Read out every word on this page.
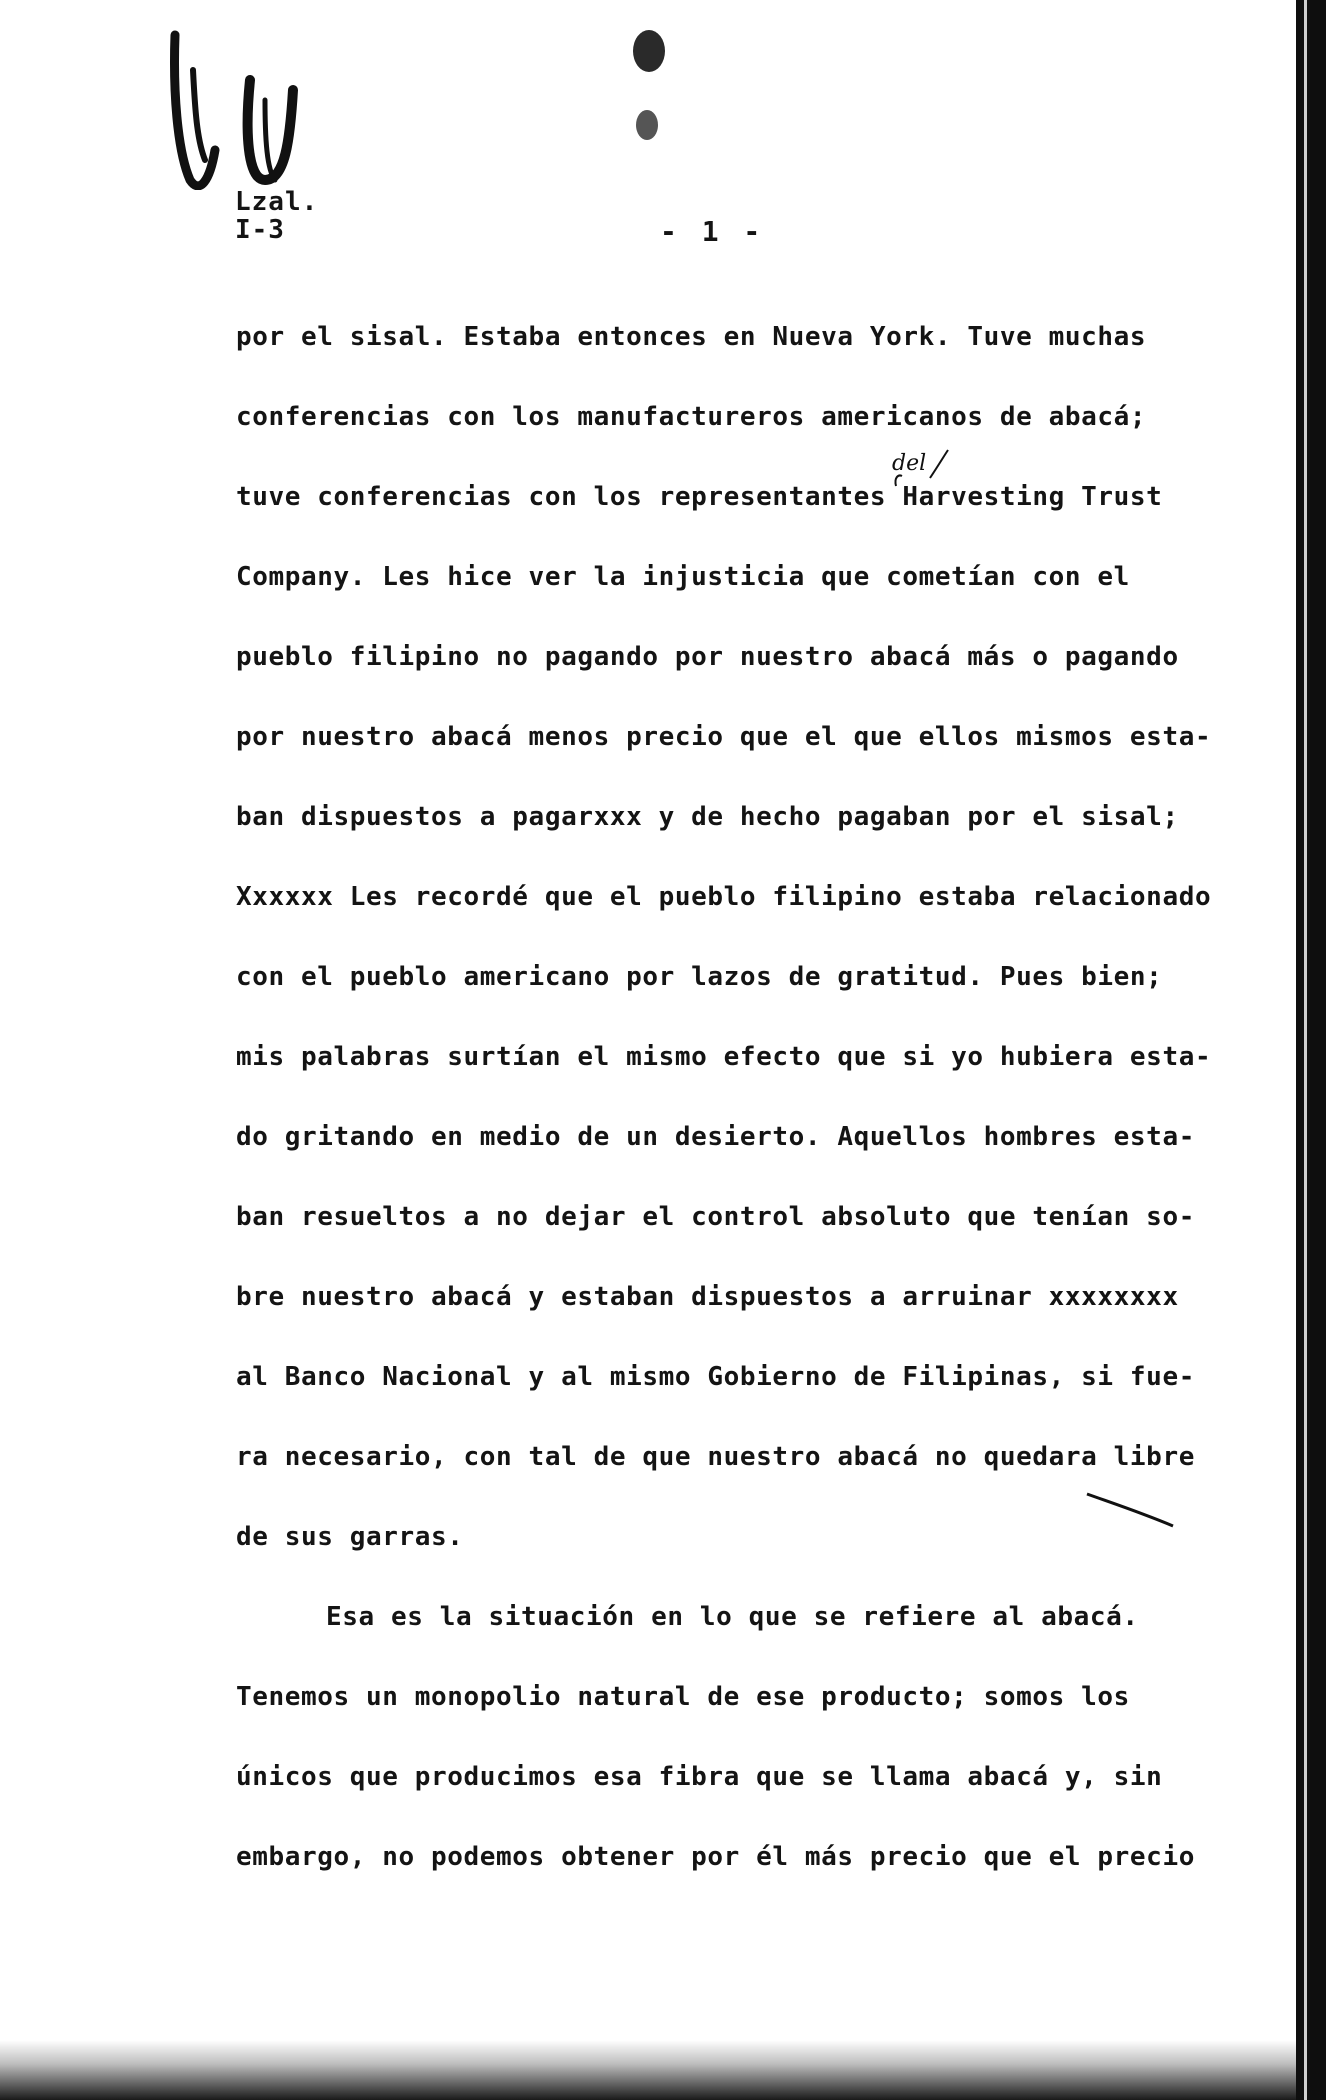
Lzal.
I-3	- 1 -
del
por el sisal. Estaba entonces en Nueva York. Tuve muchas
conferencias con los manufactureros americanos de abacá;
tuve conferencias con los representantes Harvesting Trust
Company. Les hice ver la injusticia que cometían con el
pueblo filipino no pagando por nuestro abacá más o pagando
por nuestro abacá menos precio que el que ellos mismos esta-
ban dispuestos a pagarxxx y de hecho pagaban por el sisal;
Xxxxxx Les recordé que el pueblo filipino estaba relacionado
con el pueblo americano por lazos de gratitud. Pues bien;
mis palabras surtían el mismo efecto que si yo hubiera esta-
do gritando en medio de un desierto. Aquellos hombres esta-
ban resueltos a no dejar el control absoluto que tenían so-
bre nuestro abacá y estaban dispuestos a arruinar xxxxxxxx
al Banco Nacional y al mismo Gobierno de Filipinas, si fue-
ra necesario, con tal de que nuestro abacá no quedara libre
de sus garras.
Esa es la situación en lo que se refiere al abacá.
Tenemos un monopolio natural de ese producto; somos los
únicos que producimos esa fibra que se llama abacá y, sin
embargo, no podemos obtener por él más precio que el precio
